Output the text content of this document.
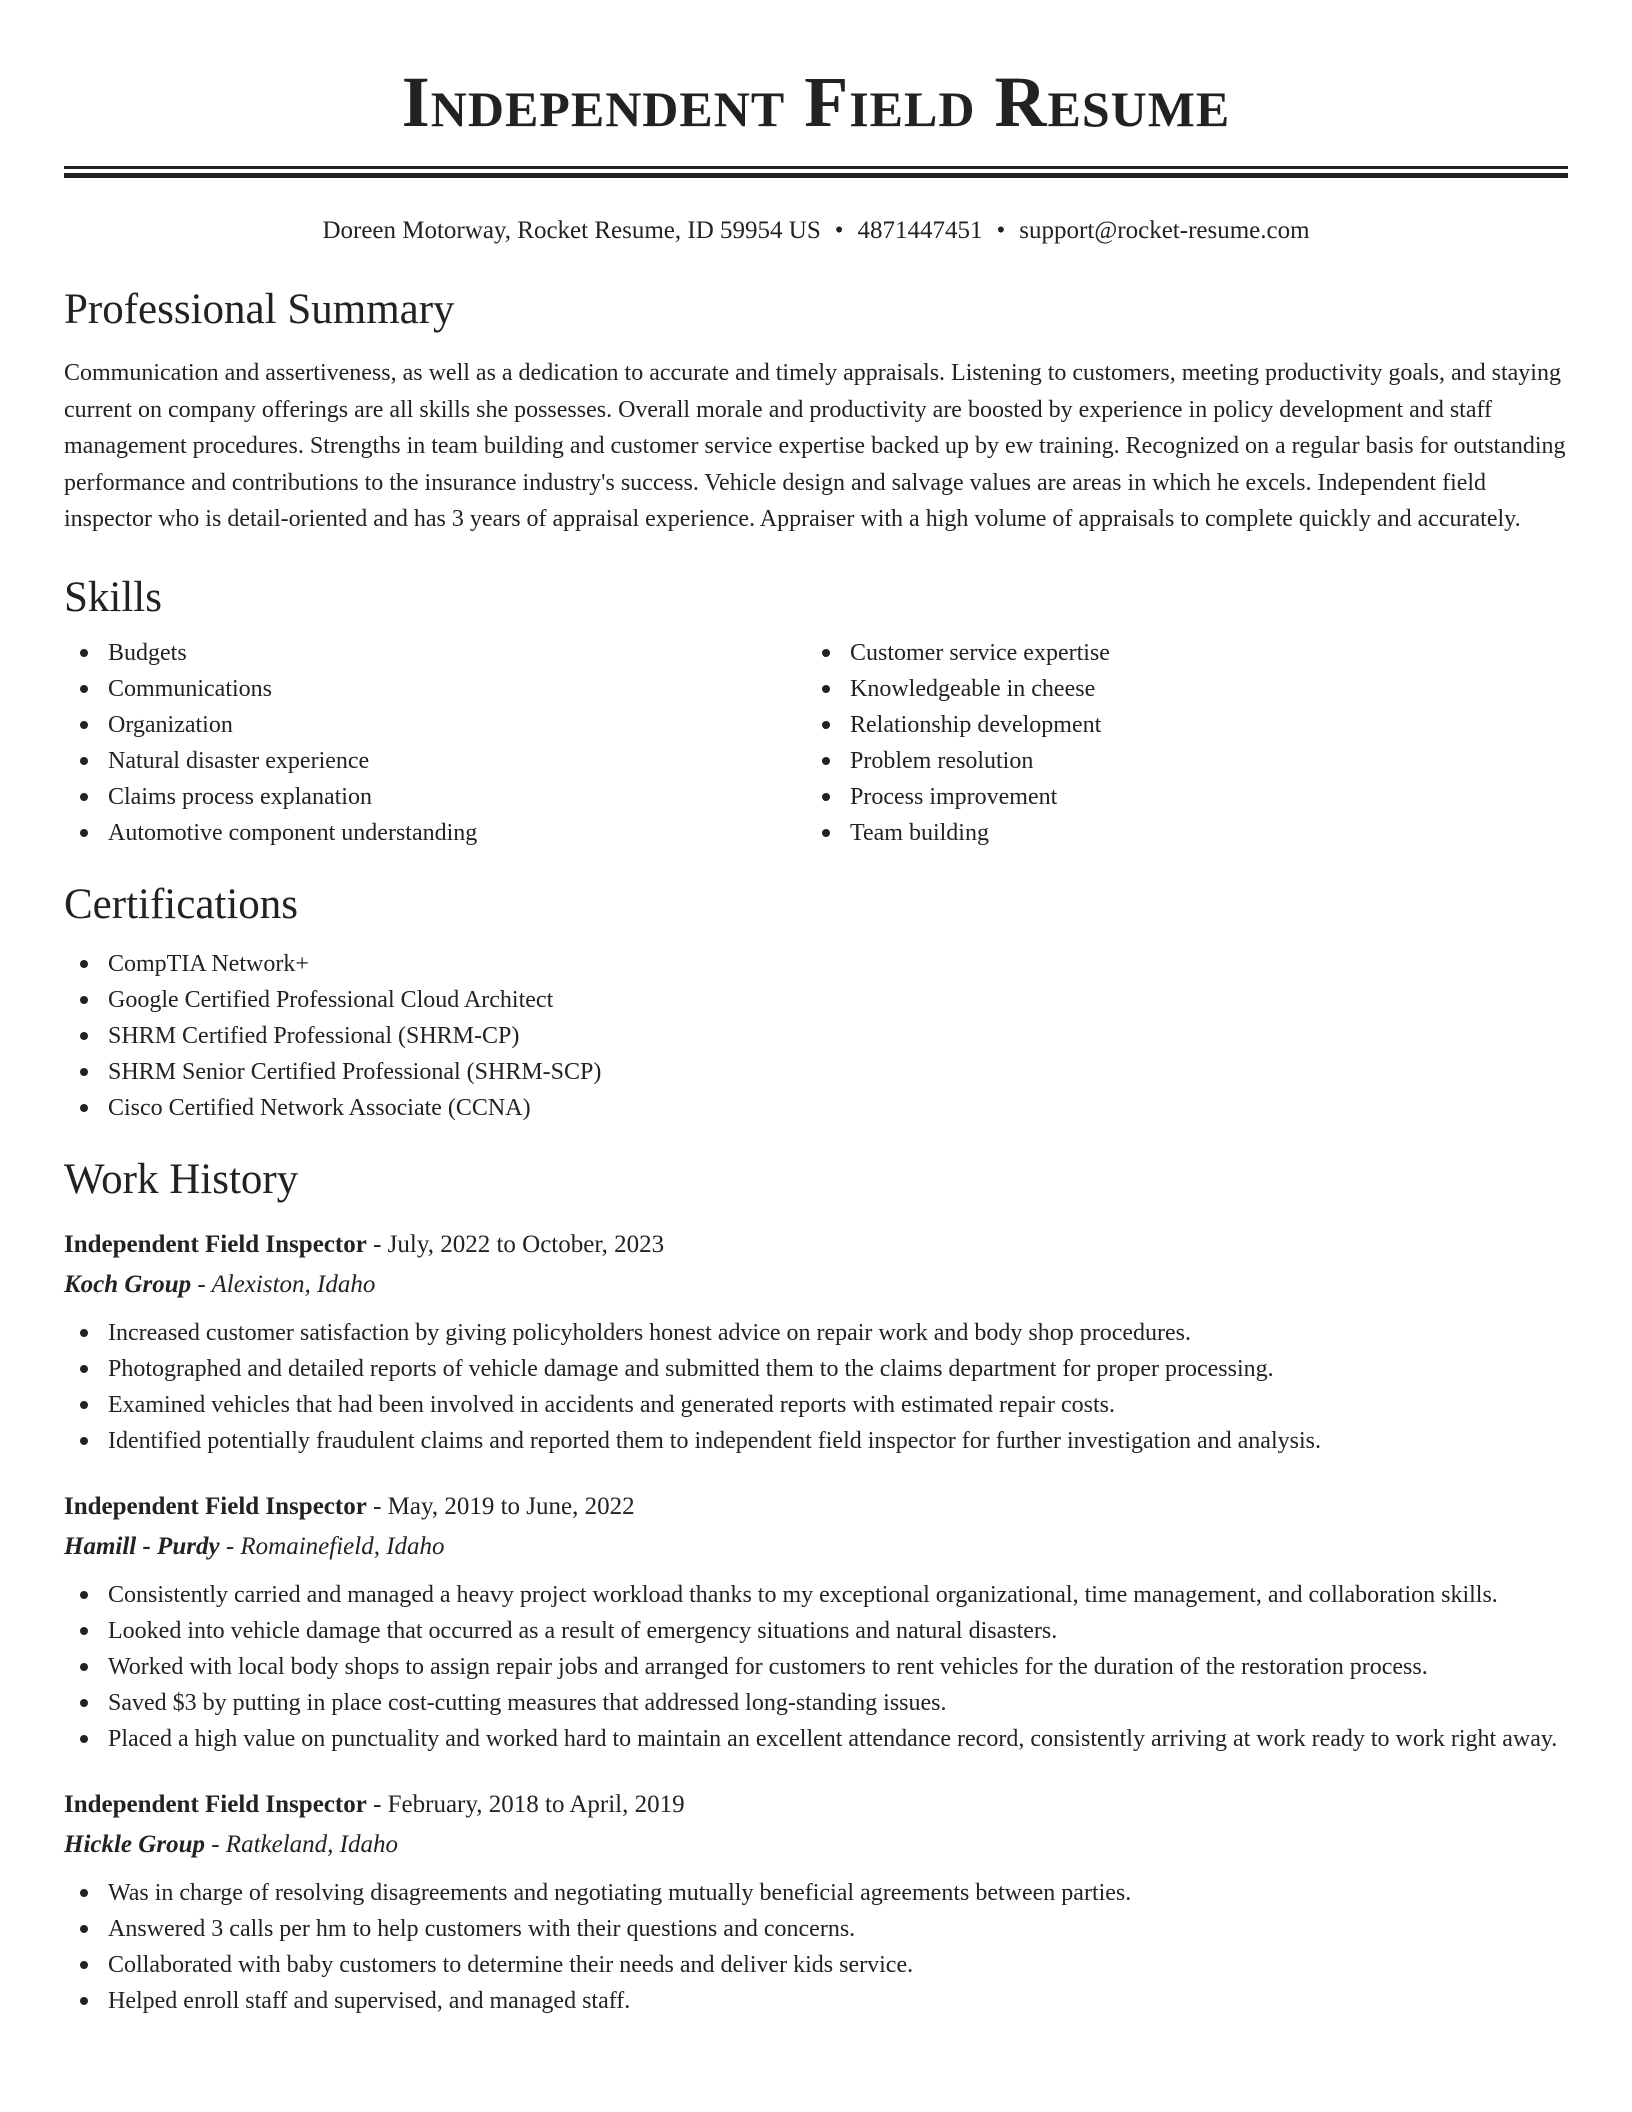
Independent Field Resume
Doreen Motorway, Rocket Resume, ID 59954 US • 4871447451 • support@rocket-resume.com
Professional Summary

Communication and assertiveness, as well as a dedication to accurate and timely appraisals. Listening to customers, meeting productivity goals, and staying current on company offerings are all skills she possesses. Overall morale and productivity are boosted by experience in policy development and staff management procedures. Strengths in team building and customer service expertise backed up by ew training. Recognized on a regular basis for outstanding performance and contributions to the insurance industry's success. Vehicle design and salvage values are areas in which he excels. Independent field inspector who is detail-oriented and has 3 years of appraisal experience. Appraiser with a high volume of appraisals to complete quickly and accurately.

Skills
Budgets
Communications
Organization
Natural disaster experience
Claims process explanation
Automotive component understanding
Customer service expertise
Knowledgeable in cheese
Relationship development
Problem resolution
Process improvement
Team building
Certifications
CompTIA Network+
Google Certified Professional Cloud Architect
SHRM Certified Professional (SHRM-CP)
SHRM Senior Certified Professional (SHRM-SCP)
Cisco Certified Network Associate (CCNA)
Work History
Independent Field Inspector - July, 2022 to October, 2023
Koch Group - Alexiston, Idaho
Increased customer satisfaction by giving policyholders honest advice on repair work and body shop procedures.
Photographed and detailed reports of vehicle damage and submitted them to the claims department for proper processing.
Examined vehicles that had been involved in accidents and generated reports with estimated repair costs.
Identified potentially fraudulent claims and reported them to independent field inspector for further investigation and analysis.
Independent Field Inspector - May, 2019 to June, 2022
Hamill - Purdy - Romainefield, Idaho
Consistently carried and managed a heavy project workload thanks to my exceptional organizational, time management, and collaboration skills.
Looked into vehicle damage that occurred as a result of emergency situations and natural disasters.
Worked with local body shops to assign repair jobs and arranged for customers to rent vehicles for the duration of the restoration process.
Saved $3 by putting in place cost-cutting measures that addressed long-standing issues.
Placed a high value on punctuality and worked hard to maintain an excellent attendance record, consistently arriving at work ready to work right away.
Independent Field Inspector - February, 2018 to April, 2019
Hickle Group - Ratkeland, Idaho
Was in charge of resolving disagreements and negotiating mutually beneficial agreements between parties.
Answered 3 calls per hm to help customers with their questions and concerns.
Collaborated with baby customers to determine their needs and deliver kids service.
Helped enroll staff and supervised, and managed staff.
